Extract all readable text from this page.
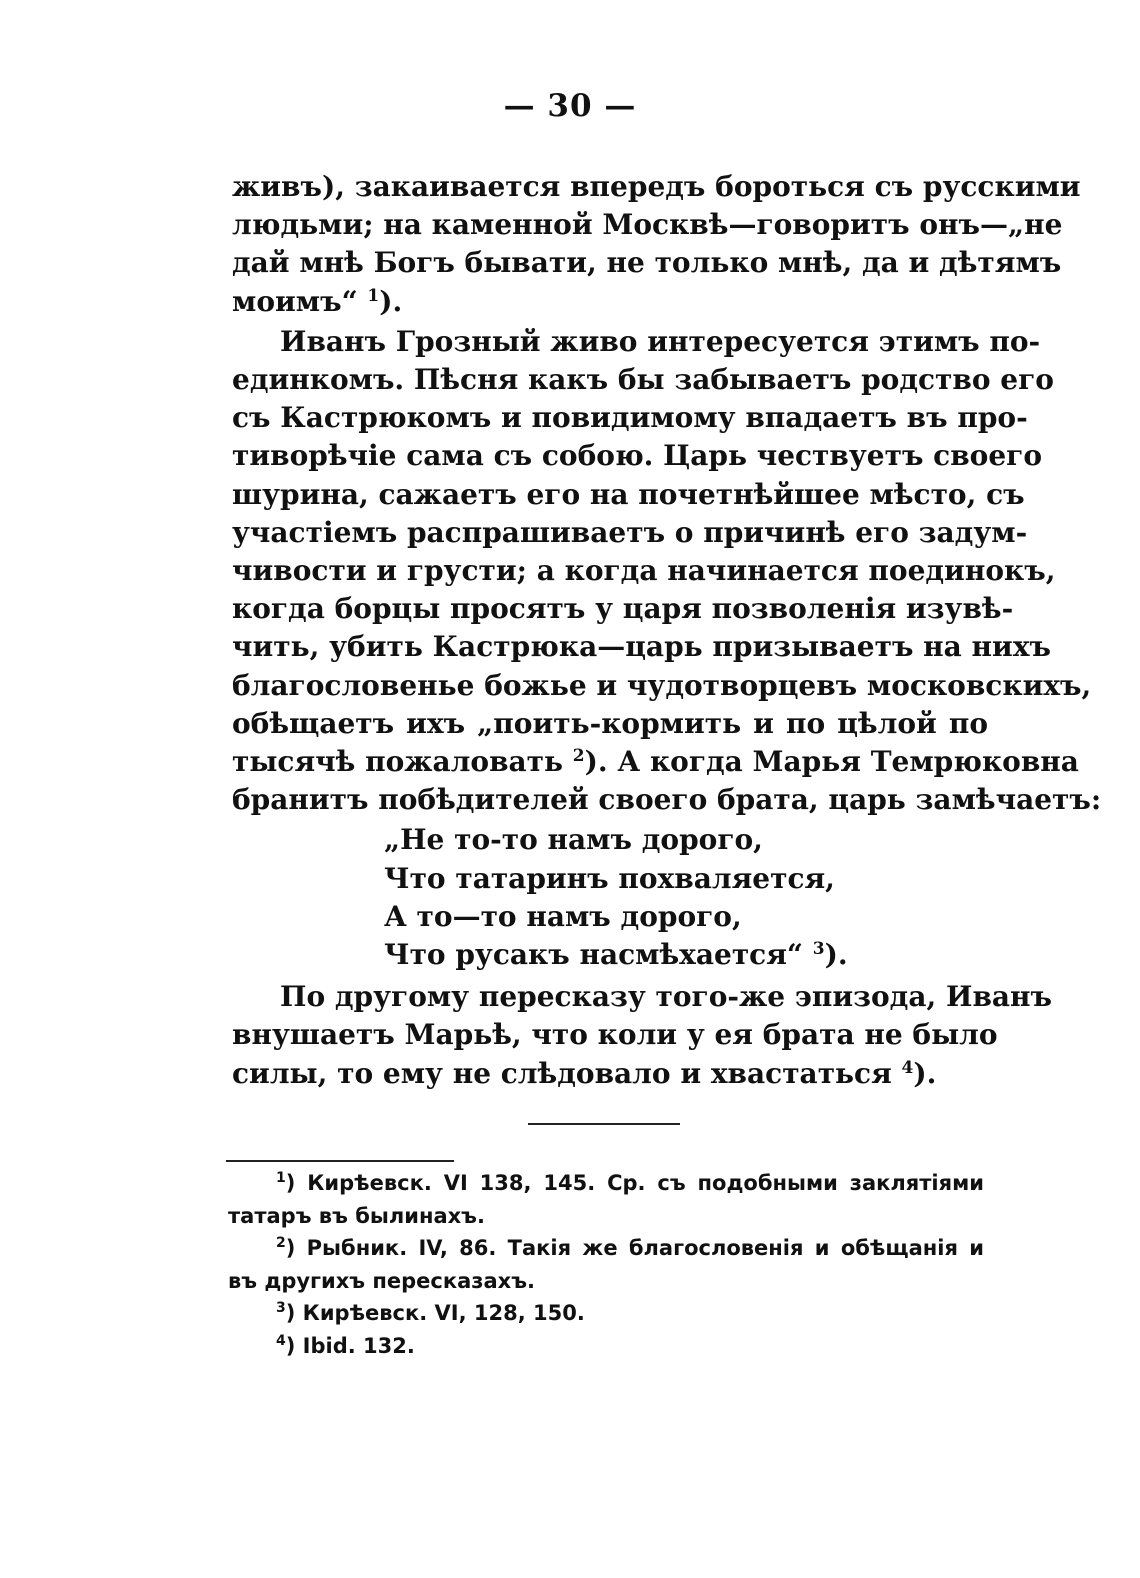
— 30 —
живъ), закаивается впередъ бороться съ русскими
людьми; на каменной Москвѣ—говоритъ онъ—„не
дай мнѣ Богъ бывати, не только мнѣ, да и дѣтямъ
моимъ“ $^1$).
Иванъ Грозный живо интересуется этимъ по-
единкомъ. Пѣсня какъ бы забываетъ родство его
съ Кастрюкомъ и повидимому впадаетъ въ про-
тиворѣчіе сама съ собою. Царь чествуетъ своего
шурина, сажаетъ его на почетнѣйшее мѣсто, съ
участіемъ распрашиваетъ о причинѣ его задум-
чивости и грусти; а когда начинается поединокъ,
когда борцы просятъ у царя позволенія изувѣ-
чить, убить Кастрюка—царь призываетъ на нихъ
благословенье божье и чудотворцевъ московскихъ,
обѣщаетъ ихъ „поить-кормить и по цѣлой по
тысячѣ пожаловать $^2$). А когда Марья Темрюковна
бранитъ побѣдителей своего брата, царь замѣчаетъ:
„Не то-то намъ дорого,
Что татаринъ похваляется,
А то—то намъ дорого,
Что русакъ насмѣхается“ $^3$).
По другому пересказу того-же эпизода, Иванъ
внушаетъ Марьѣ, что коли у ея брата не было
силы, то ему не слѣдовало и хвастаться $^4$).
$^1$) Кирѣевск. VI 138, 145. Ср. съ подобными заклятіями
татаръ въ былинахъ.
$^2$) Рыбник. IV, 86. Такія же благословенія и обѣщанія и
въ другихъ пересказахъ.
$^3$) Кирѣевск. VI, 128, 150.
$^4$) Ibid. 132.
